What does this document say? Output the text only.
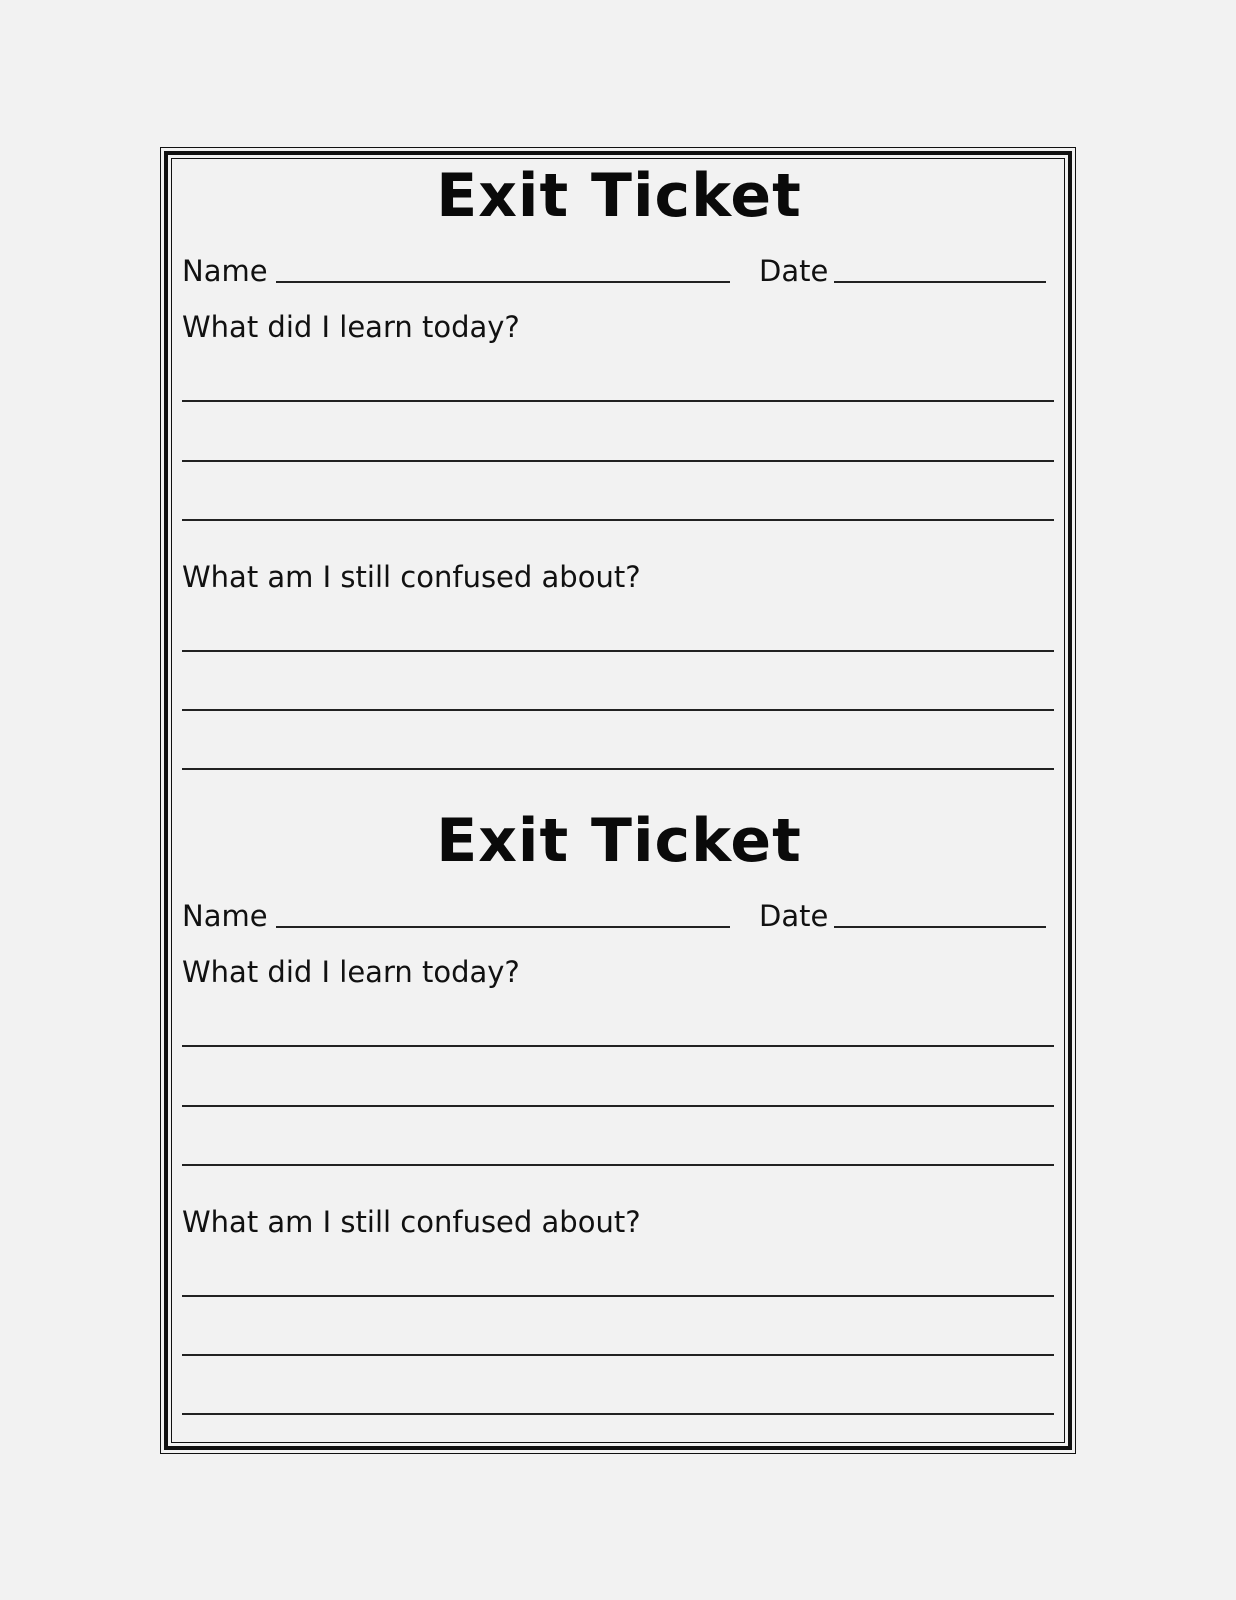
Exit Ticket
Name	Date
What did I learn today?
What am I still confused about?
Exit Ticket
Name	Date
What did I learn today?
What am I still confused about?
